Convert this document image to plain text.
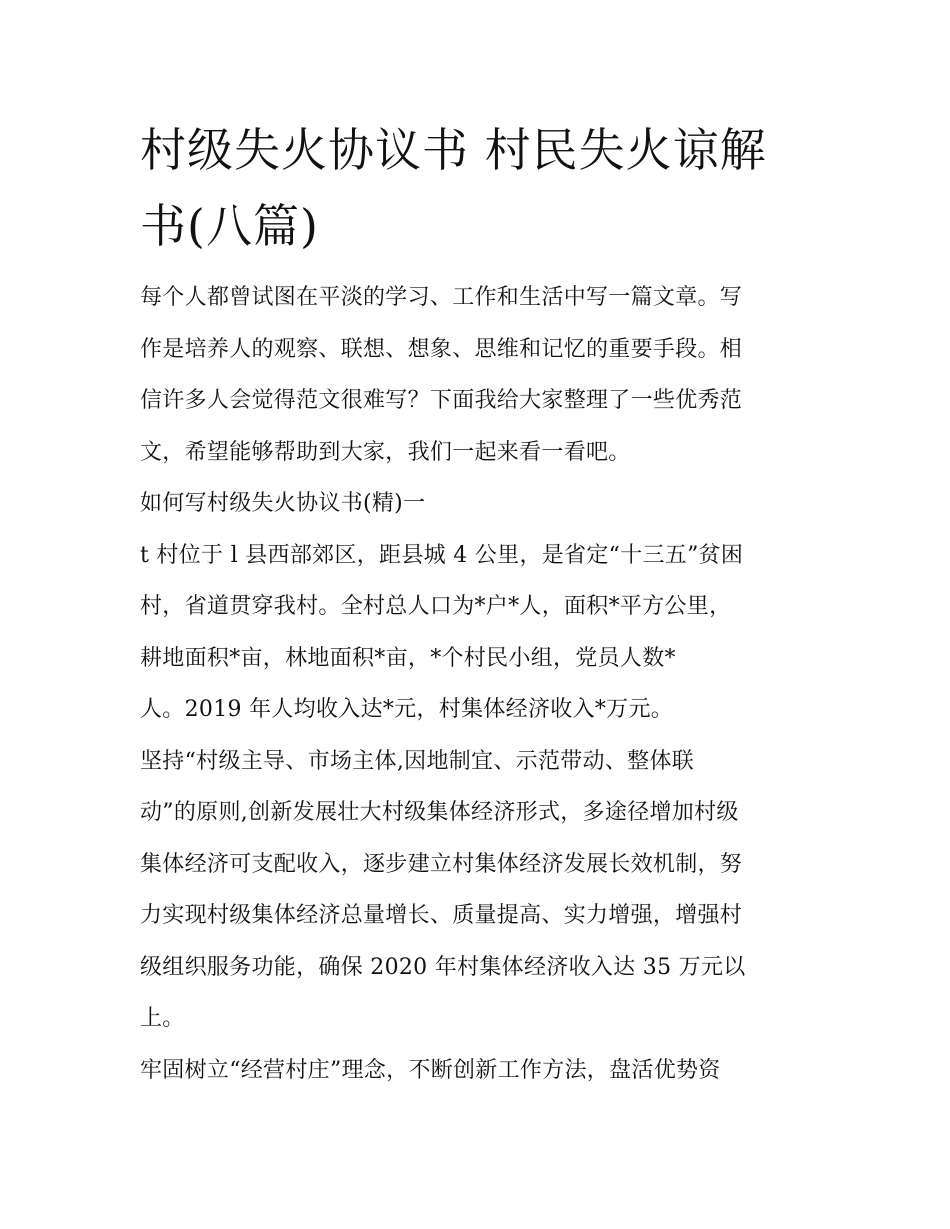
村级失火协议书 村民失火谅解
书(八篇)
每个人都曾试图在平淡的学习、工作和生活中写一篇文章。写
作是培养人的观察、联想、想象、思维和记忆的重要手段。相
信许多人会觉得范文很难写？下面我给大家整理了一些优秀范
文，希望能够帮助到大家，我们一起来看一看吧。
如何写村级失火协议书(精)一
t 村位于 l 县西部郊区，距县城 4 公里，是省定“十三五”贫困
村，省道贯穿我村。全村总人口为*户*人，面积*平方公里，
耕地面积*亩，林地面积*亩，*个村民小组，党员人数*
人。2019 年人均收入达*元，村集体经济收入*万元。
坚持“村级主导、市场主体,因地制宜、示范带动、整体联
动”的原则,创新发展壮大村级集体经济形式，多途径增加村级
集体经济可支配收入，逐步建立村集体经济发展长效机制，努
力实现村级集体经济总量增长、质量提高、实力增强，增强村
级组织服务功能，确保 2020 年村集体经济收入达 35 万元以
上。
牢固树立“经营村庄”理念，不断创新工作方法，盘活优势资
